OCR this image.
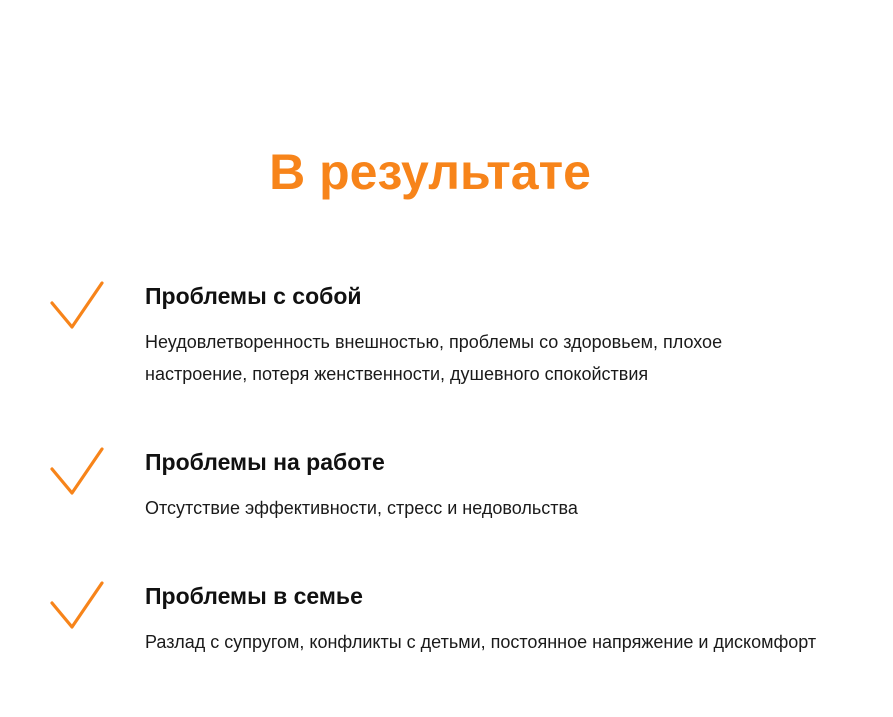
В результате
Проблемы с собой

Неудовлетворенность внешностью, проблемы со здоровьем, плохое настроение, потеря женственности, душевного спокойствия

Проблемы на работе

Отсутствие эффективности, стресс и недовольства

Проблемы в семье

Разлад с супругом, конфликты с детьми, постоянное напряжение и дискомфорт
